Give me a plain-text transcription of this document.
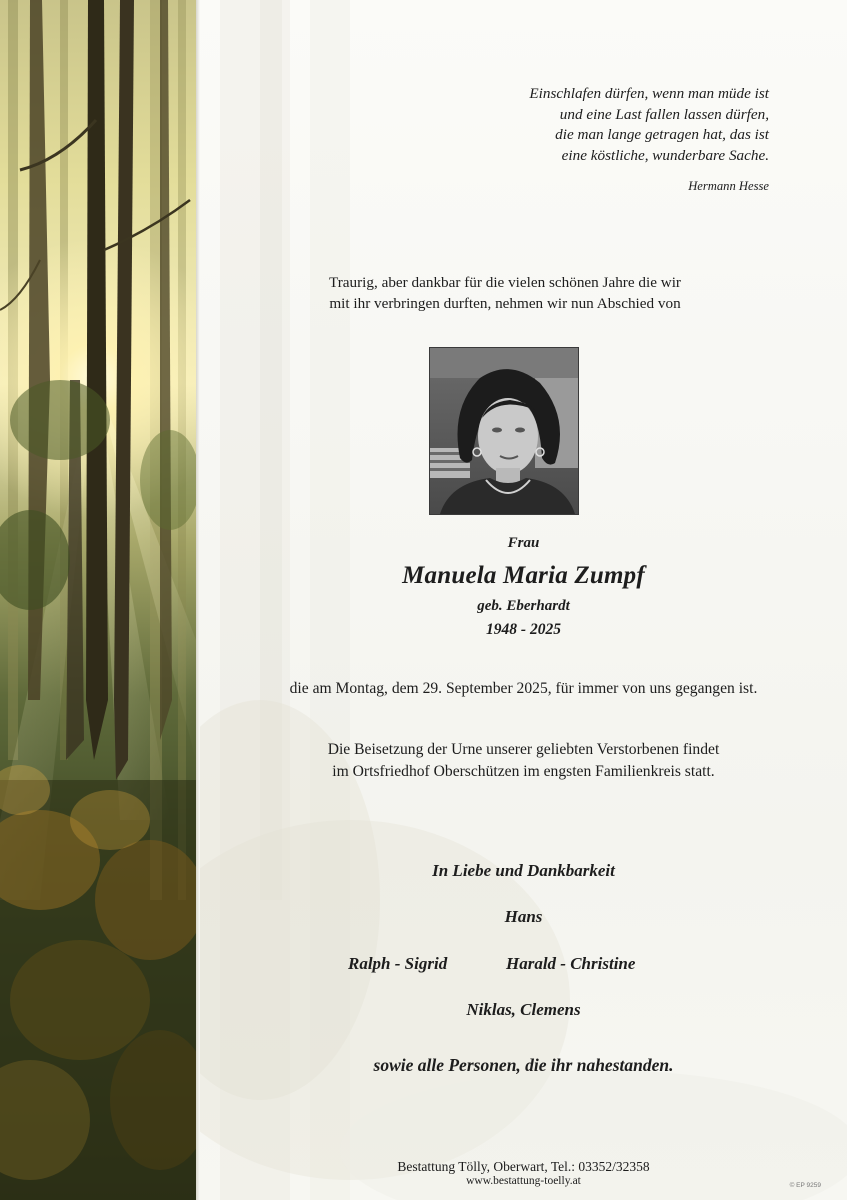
Einschlafen dürfen, wenn man müde ist
und eine Last fallen lassen dürfen,
die man lange getragen hat, das ist
eine köstliche, wunderbare Sache.
Hermann Hesse
Traurig, aber dankbar für die vielen schönen Jahre die wir
mit ihr verbringen durften, nehmen wir nun Abschied von
Frau
Manuela Maria Zumpf
geb. Eberhardt
1948 - 2025
die am Montag, dem 29. September 2025, für immer von uns gegangen ist.
Die Beisetzung der Urne unserer geliebten Verstorbenen findet
im Ortsfriedhof Oberschützen im engsten Familienkreis statt.
In Liebe und Dankbarkeit
Hans
Ralph - Sigrid	Harald - Christine
Niklas, Clemens
sowie alle Personen, die ihr nahestanden.
Bestattung Tölly, Oberwart, Tel.: 03352/32358
www.bestattung-toelly.at	© EP 9259
